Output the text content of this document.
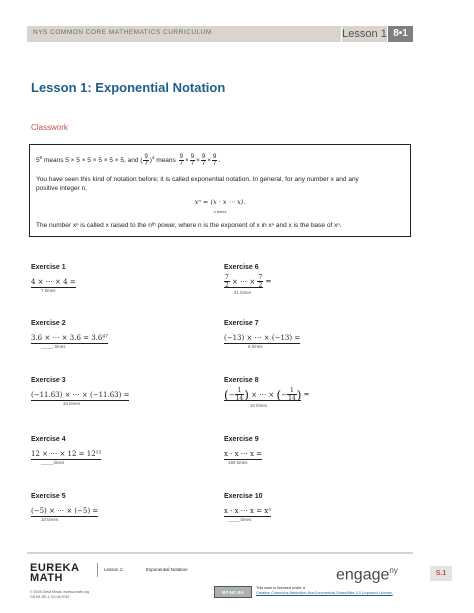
NYS COMMON CORE MATHEMATICS CURRICULUM	Lesson 1 8•1
Lesson 1: Exponential Notation
Classwork
$5^6$ means 5 × 5 × 5 × 5 × 5 × 5, and ( $\frac{9}{7} )^4$ means $\frac{9}{7} \times \frac{9}{7} \times \frac{9}{7} \times \frac{9}{7}$ .
You have seen this kind of notation before; it is called exponential notation. In general, for any number x and any
positive integer n,
xⁿ = (x · x ⋯ x).
n times
The number xⁿ is called x raised to the nᵗʰ power, where n is the exponent of x in xⁿ and x is the base of xⁿ.
Exercise 1
4 × ⋯ × 4 =
7 times
Exercise 2
3.6 × ⋯ × 3.6 = 3.6⁴⁷
_____ times
Exercise 3
(−11.63) × ⋯ × (−11.63) =
34 times
Exercise 4
12 × ⋯ × 12 = 12¹⁵
_____times
Exercise 5
(−5) × ⋯ × (−5) =
10 times
Exercise 6
$\frac{7}{2}$ × ⋯ × $\frac{7}{2}$ =
21 times
Exercise 7
(−13) × ⋯ × (−13) =
6 times
Exercise 8
(− $\frac{1}{14}$ ) × ⋯ × (− $\frac{1}{14}$ ) =
10 times
Exercise 9
x · x ⋯ x =
185 times
Exercise 10
x · x ⋯ x = xⁿ
_____times
EUREKA
MATH
Lesson 1:	Exponential Notation
© 2015 Great Minds. eureka-math.org
G8-M1-SE-1.3.0-06.2015
BY-NC-SA
This work is licensed under a
Creative Commons Attribution-NonCommercial-ShareAlike 3.0 Unported License.
engage$^{ny}$	S.1
